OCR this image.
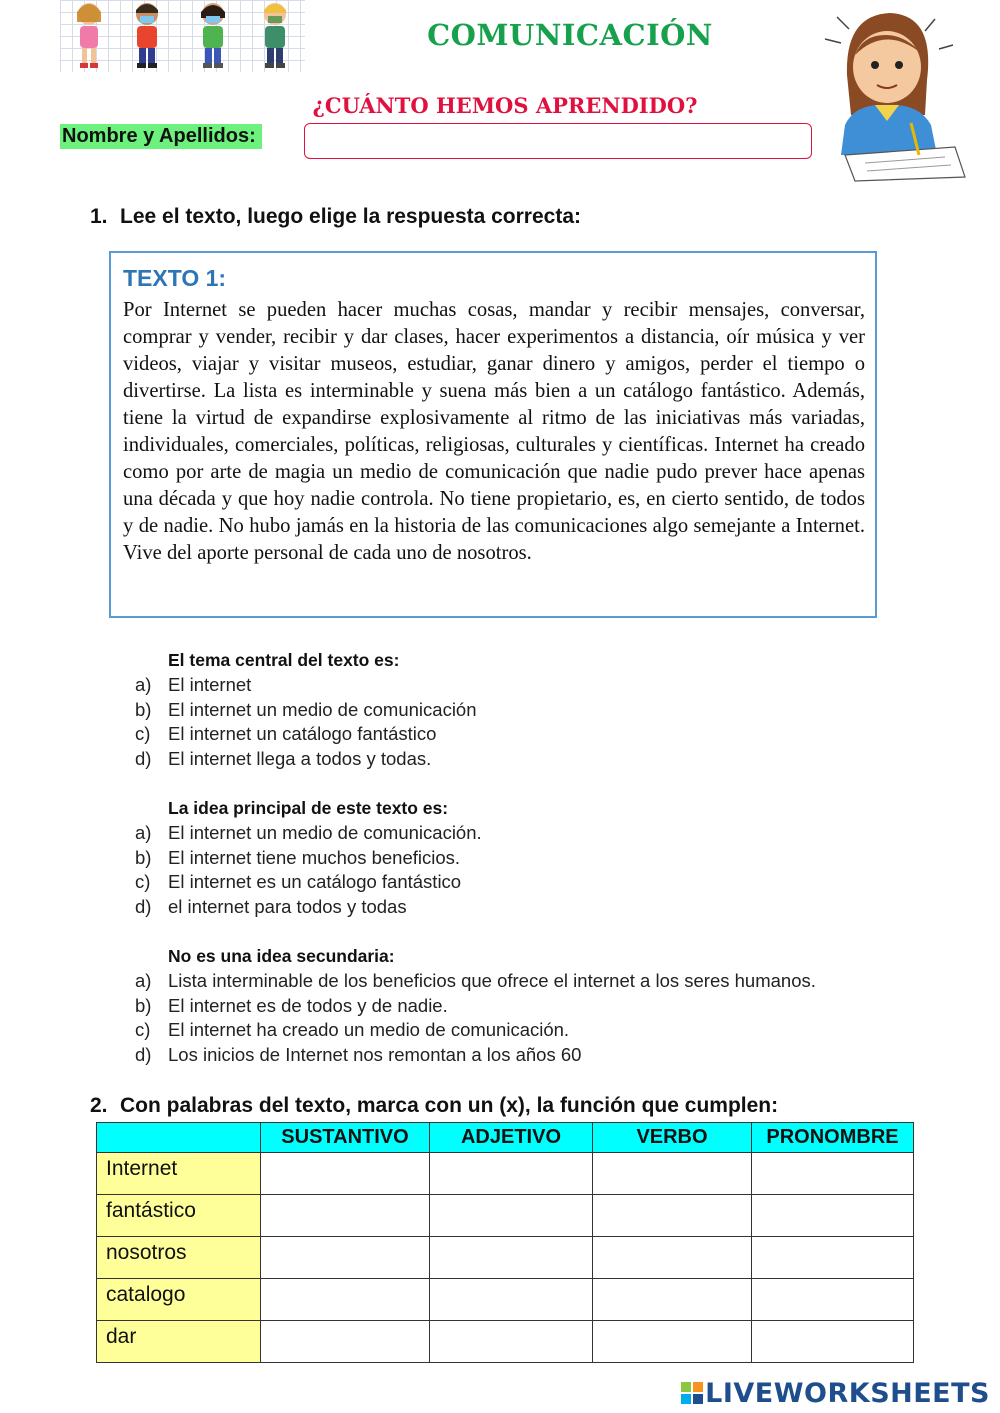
COMUNICACIÓN
¿CUÁNTO HEMOS APRENDIDO?
Nombre y Apellidos:
1. Lee el texto, luego elige la respuesta correcta:
TEXTO 1:
Por Internet se pueden hacer muchas cosas, mandar y recibir mensajes, conversar, comprar y vender, recibir y dar clases, hacer experimentos a distancia, oír música y ver videos, viajar y visitar museos, estudiar, ganar dinero y amigos, perder el tiempo o divertirse. La lista es interminable y suena más bien a un catálogo fantástico. Además, tiene la virtud de expandirse explosivamente al ritmo de las iniciativas más variadas, individuales, comerciales, políticas, religiosas, culturales y científicas. Internet ha creado como por arte de magia un medio de comunicación que nadie pudo prever hace apenas una década y que hoy nadie controla. No tiene propietario, es, en cierto sentido, de todos y de nadie. No hubo jamás en la historia de las comunicaciones algo semejante a Internet. Vive del aporte personal de cada uno de nosotros.
El tema central del texto es:
a) El internet
b) El internet un medio de comunicación
c) El internet un catálogo fantástico
d) El internet llega a todos y todas.
La idea principal de este texto es:
a) El internet un medio de comunicación.
b) El internet tiene muchos beneficios.
c) El internet es un catálogo fantástico
d) el internet para todos y todas
No es una idea secundaria:
a) Lista interminable de los beneficios que ofrece el internet a los seres humanos.
b) El internet es de todos y de nadie.
c) El internet ha creado un medio de comunicación.
d) Los inicios de Internet nos remontan a los años 60
2. Con palabras del texto, marca con un (x), la función que cumplen:
	SUSTANTIVO	ADJETIVO	VERBO	PRONOMBRE
Internet				
fantástico				
nosotros				
catalogo				
dar				
LIVEWORKSHEETS
